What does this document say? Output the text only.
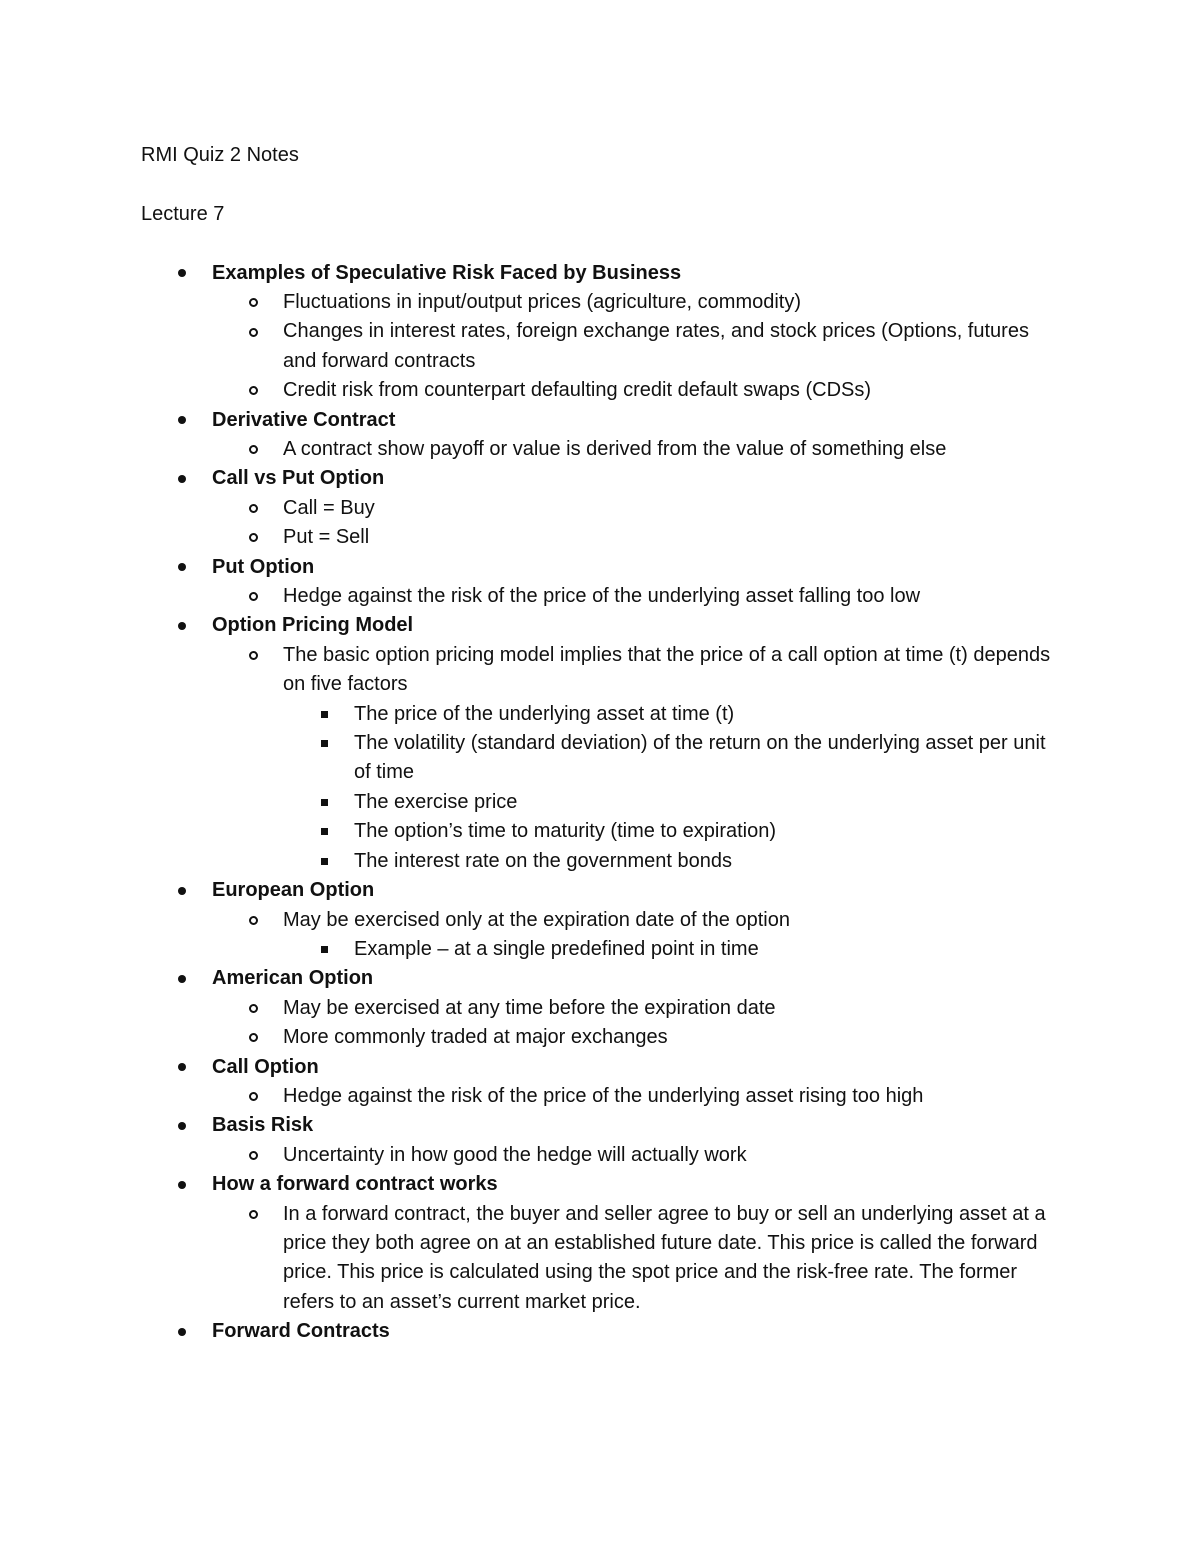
RMI Quiz 2 Notes
Lecture 7
Examples of Speculative Risk Faced by Business
Fluctuations in input/output prices (agriculture, commodity)
Changes in interest rates, foreign exchange rates, and stock prices (Options, futures and forward contracts
Credit risk from counterpart defaulting credit default swaps (CDSs)
Derivative Contract
A contract show payoff or value is derived from the value of something else
Call vs Put Option
Call = Buy
Put = Sell
Put Option
Hedge against the risk of the price of the underlying asset falling too low
Option Pricing Model
The basic option pricing model implies that the price of a call option at time (t) depends on five factors
The price of the underlying asset at time (t)
The volatility (standard deviation) of the return on the underlying asset per unit of time
The exercise price
The option’s time to maturity (time to expiration)
The interest rate on the government bonds
European Option
May be exercised only at the expiration date of the option
Example – at a single predefined point in time
American Option
May be exercised at any time before the expiration date
More commonly traded at major exchanges
Call Option
Hedge against the risk of the price of the underlying asset rising too high
Basis Risk
Uncertainty in how good the hedge will actually work
How a forward contract works
In a forward contract, the buyer and seller agree to buy or sell an underlying asset at a price they both agree on at an established future date. This price is called the forward price. This price is calculated using the spot price and the risk-free rate. The former refers to an asset’s current market price.
Forward Contracts
